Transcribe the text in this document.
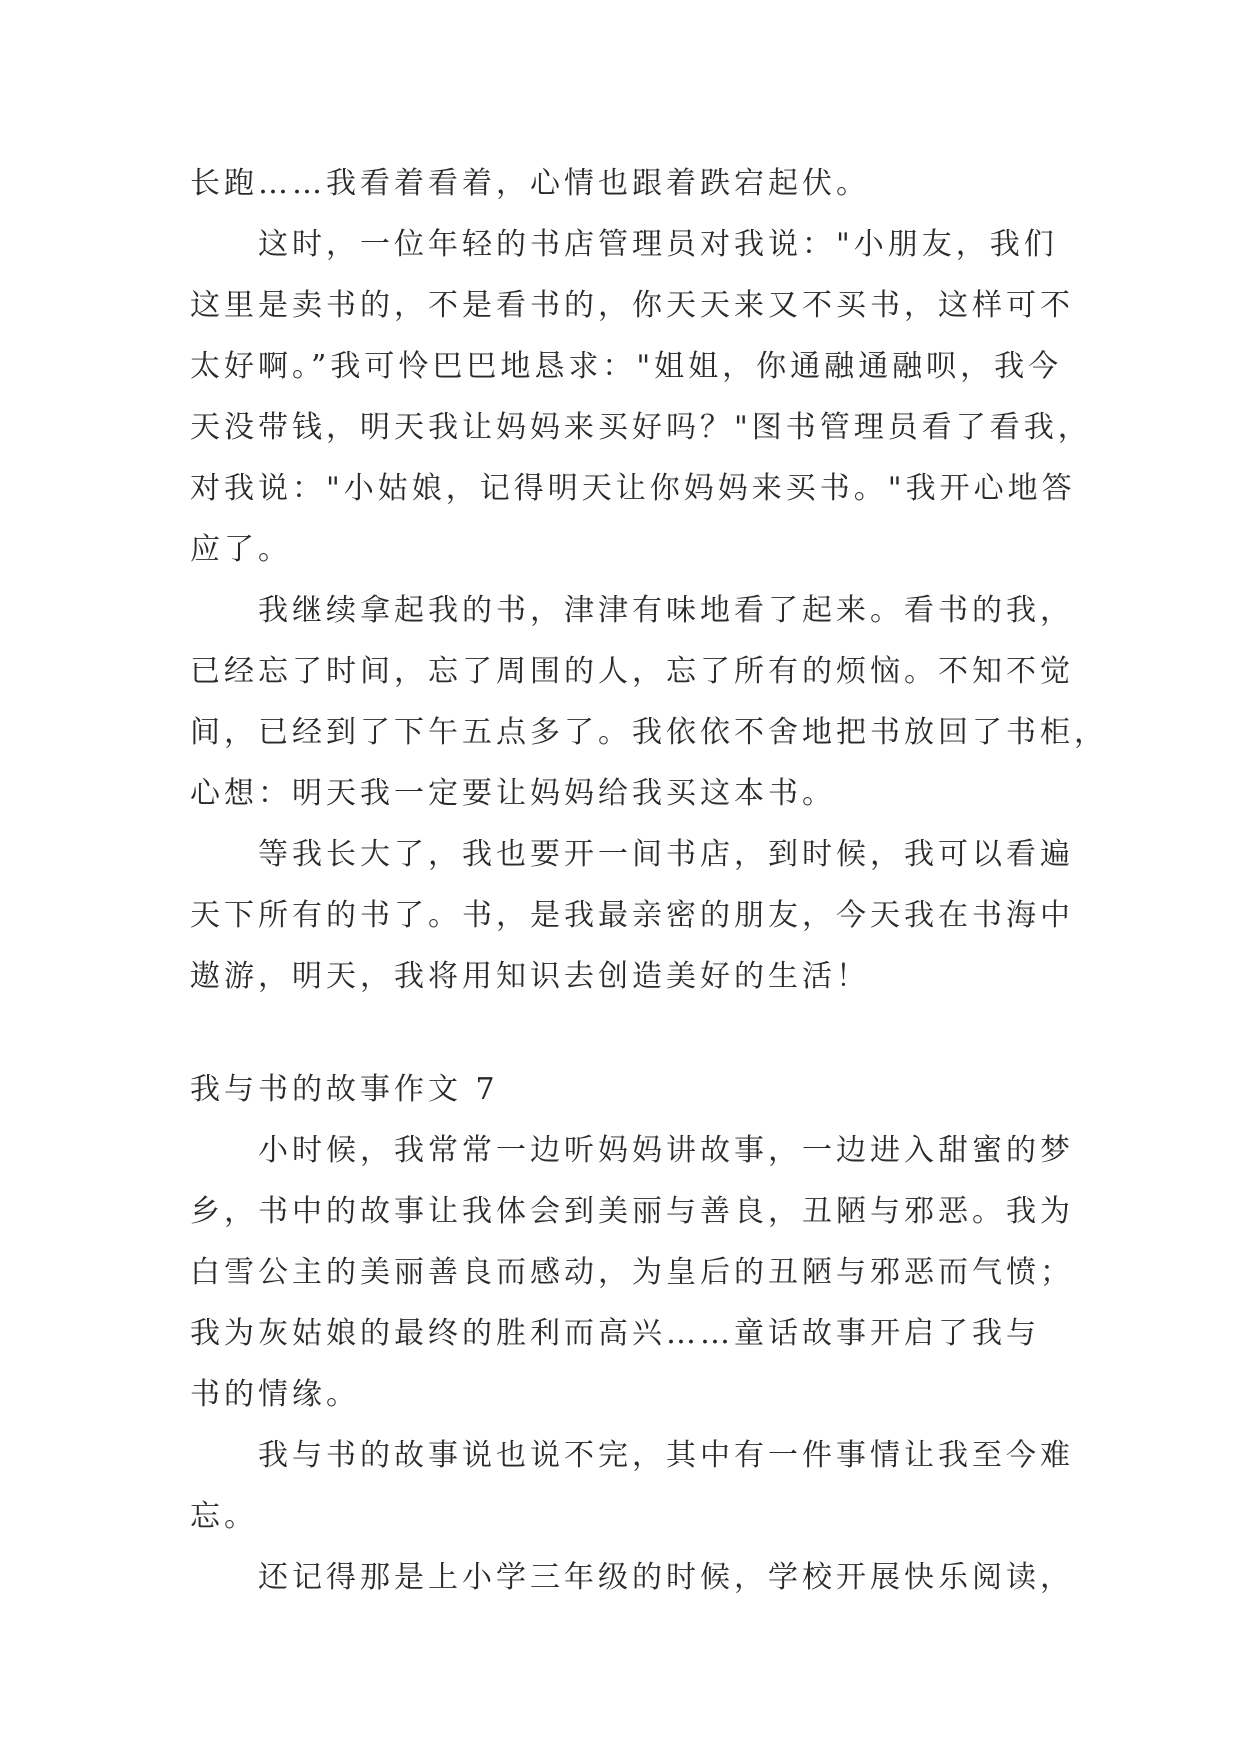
长跑……我看着看着，心情也跟着跌宕起伏。
这时，一位年轻的书店管理员对我说："小朋友，我们
这里是卖书的，不是看书的，你天天来又不买书，这样可不
太好啊。”我可怜巴巴地恳求："姐姐，你通融通融呗，我今
天没带钱，明天我让妈妈来买好吗？"图书管理员看了看我，
对我说："小姑娘，记得明天让你妈妈来买书。"我开心地答
应了。
我继续拿起我的书，津津有味地看了起来。看书的我，
已经忘了时间，忘了周围的人，忘了所有的烦恼。不知不觉
间，已经到了下午五点多了。我依依不舍地把书放回了书柜，
心想：明天我一定要让妈妈给我买这本书。
等我长大了，我也要开一间书店，到时候，我可以看遍
天下所有的书了。书，是我最亲密的朋友，今天我在书海中
遨游，明天，我将用知识去创造美好的生活！
我与书的故事作文 7
小时候，我常常一边听妈妈讲故事，一边进入甜蜜的梦
乡，书中的故事让我体会到美丽与善良，丑陋与邪恶。我为
白雪公主的美丽善良而感动，为皇后的丑陋与邪恶而气愤；
我为灰姑娘的最终的胜利而高兴……童话故事开启了我与
书的情缘。
我与书的故事说也说不完，其中有一件事情让我至今难
忘。
还记得那是上小学三年级的时候，学校开展快乐阅读，
